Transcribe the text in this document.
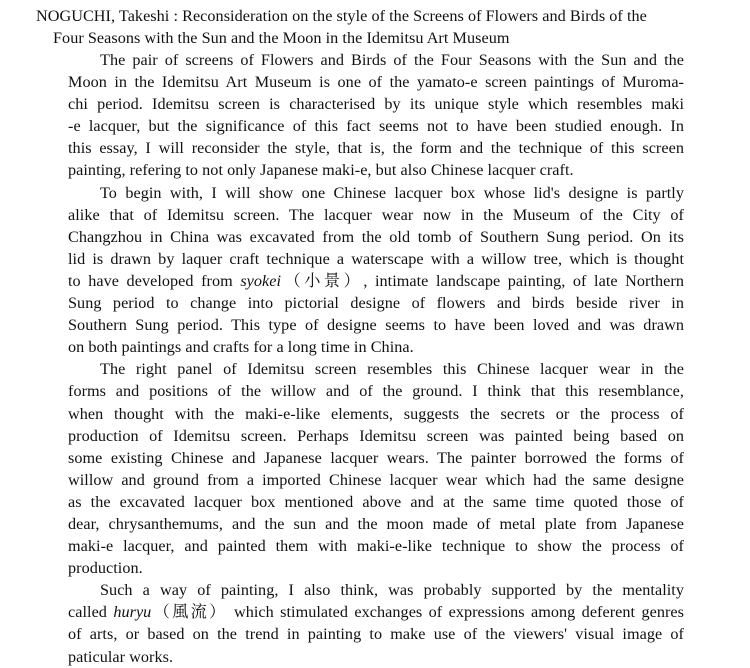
NOGUCHI, Takeshi : Reconsideration on the style of the Screens of Flowers and Birds of the
Four Seasons with the Sun and the Moon in the Idemitsu Art Museum
The pair of screens of Flowers and Birds of the Four Seasons with the Sun and the
Moon in the Idemitsu Art Museum is one of the yamato-e screen paintings of Muroma-
chi period. Idemitsu screen is characterised by its unique style which resembles maki
-e lacquer, but the significance of this fact seems not to have been studied enough. In
this essay, I will reconsider the style, that is, the form and the technique of this screen
painting, refering to not only Japanese maki-e, but also Chinese lacquer craft.
To begin with, I will show one Chinese lacquer box whose lid's designe is partly
alike that of Idemitsu screen. The lacquer wear now in the Museum of the City of
Changzhou in China was excavated from the old tomb of Southern Sung period. On its
lid is drawn by laquer craft technique a waterscape with a willow tree, which is thought
to have developed from syokei（小景）, intimate landscape painting, of late Northern
Sung period to change into pictorial designe of flowers and birds beside river in
Southern Sung period. This type of designe seems to have been loved and was drawn
on both paintings and crafts for a long time in China.
The right panel of Idemitsu screen resembles this Chinese lacquer wear in the
forms and positions of the willow and of the ground. I think that this resemblance,
when thought with the maki-e-like elements, suggests the secrets or the process of
production of Idemitsu screen. Perhaps Idemitsu screen was painted being based on
some existing Chinese and Japanese lacquer wears. The painter borrowed the forms of
willow and ground from a imported Chinese lacquer wear which had the same designe
as the excavated lacquer box mentioned above and at the same time quoted those of
dear, chrysanthemums, and the sun and the moon made of metal plate from Japanese
maki-e lacquer, and painted them with maki-e-like technique to show the process of
production.
Such a way of painting, I also think, was probably supported by the mentality
called huryu（風流） which stimulated exchanges of expressions among deferent genres
of arts, or based on the trend in painting to make use of the viewers' visual image of
paticular works.
